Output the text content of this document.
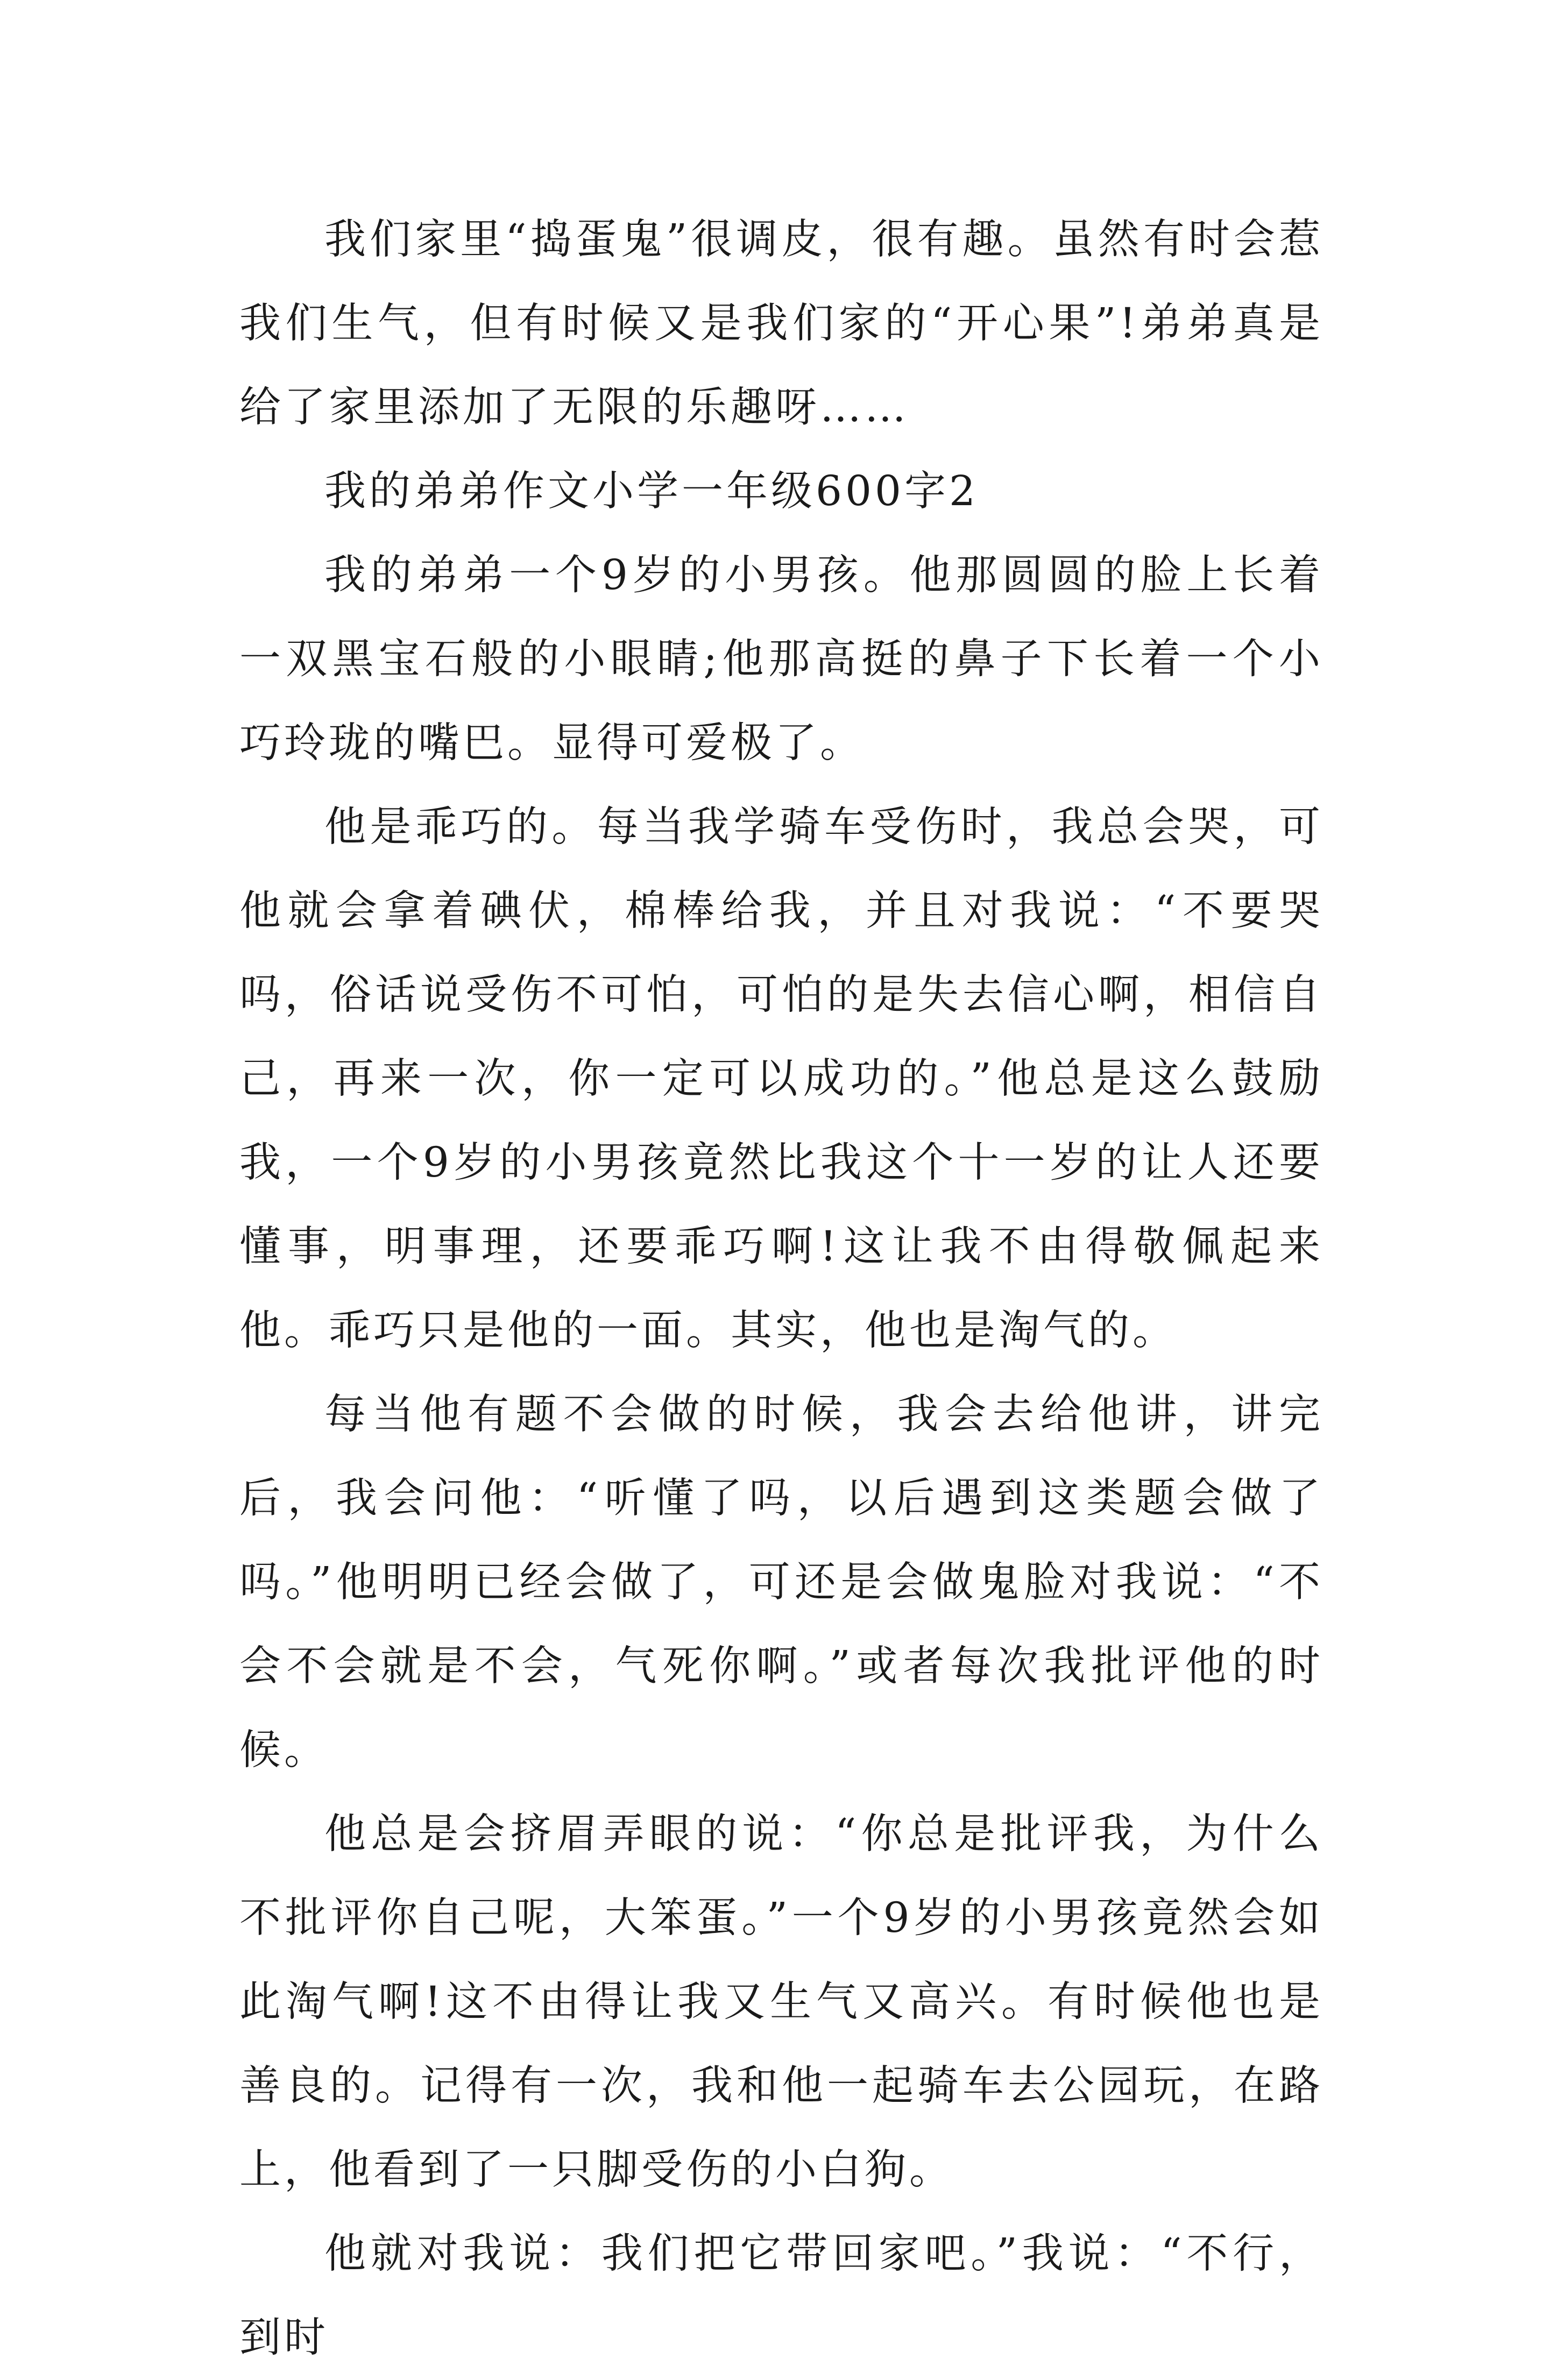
我们家里“捣蛋鬼”很调皮，很有趣。虽然有时会惹我们生气，但有时候又是我们家的“开心果”!弟弟真是给了家里添加了无限的乐趣呀……

我的弟弟作文小学一年级600字2

我的弟弟一个9岁的小男孩。他那圆圆的脸上长着一双黑宝石般的小眼睛;他那高挺的鼻子下长着一个小巧玲珑的嘴巴。显得可爱极了。

他是乖巧的。每当我学骑车受伤时，我总会哭，可他就会拿着碘伏，棉棒给我，并且对我说：“不要哭吗，俗话说受伤不可怕，可怕的是失去信心啊，相信自己，再来一次，你一定可以成功的。”他总是这么鼓励我，一个9岁的小男孩竟然比我这个十一岁的让人还要懂事，明事理，还要乖巧啊!这让我不由得敬佩起来他。乖巧只是他的一面。其实，他也是淘气的。

每当他有题不会做的时候，我会去给他讲，讲完后，我会问他：“听懂了吗，以后遇到这类题会做了吗。”他明明已经会做了，可还是会做鬼脸对我说：“不会不会就是不会，气死你啊。”或者每次我批评他的时候。

他总是会挤眉弄眼的说：“你总是批评我，为什么不批评你自己呢，大笨蛋。”一个9岁的小男孩竟然会如此淘气啊!这不由得让我又生气又高兴。有时候他也是善良的。记得有一次，我和他一起骑车去公园玩，在路上，他看到了一只脚受伤的小白狗。

他就对我说：我们把它带回家吧。”我说：“不行，到时
